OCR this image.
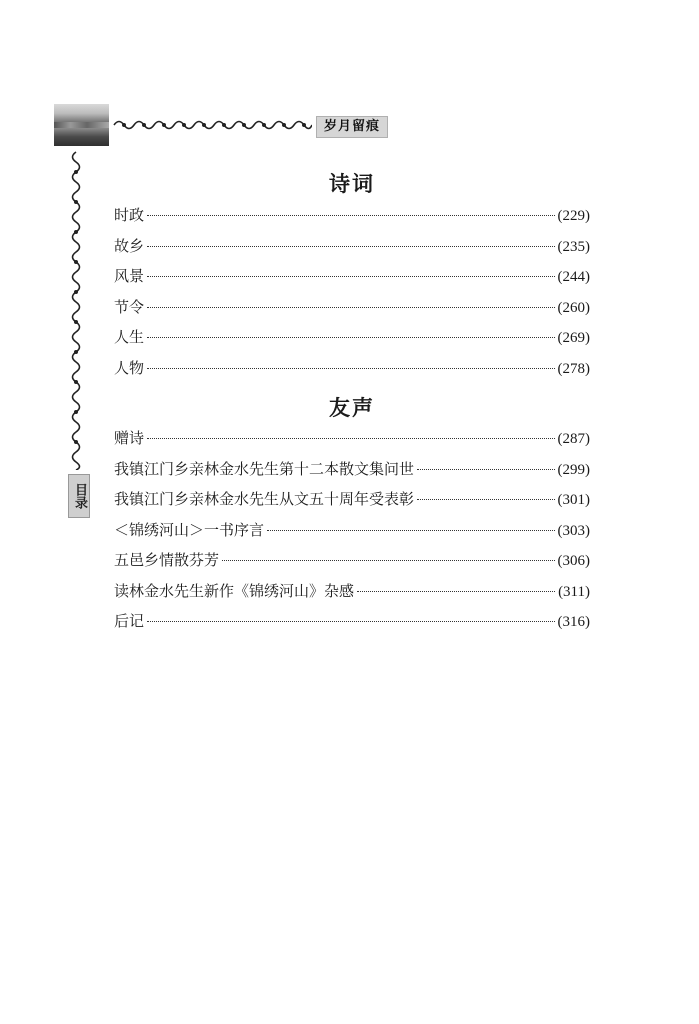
岁月留痕
目录
诗词
时政	(229)
故乡	(235)
风景	(244)
节令	(260)
人生	(269)
人物	(278)
友声
赠诗	(287)
我镇江门乡亲林金水先生第十二本散文集问世	(299)
我镇江门乡亲林金水先生从文五十周年受表彰	(301)
＜锦绣河山＞一书序言	(303)
五邑乡情散芬芳	(306)
读林金水先生新作《锦绣河山》杂感	(311)
后记	(316)
